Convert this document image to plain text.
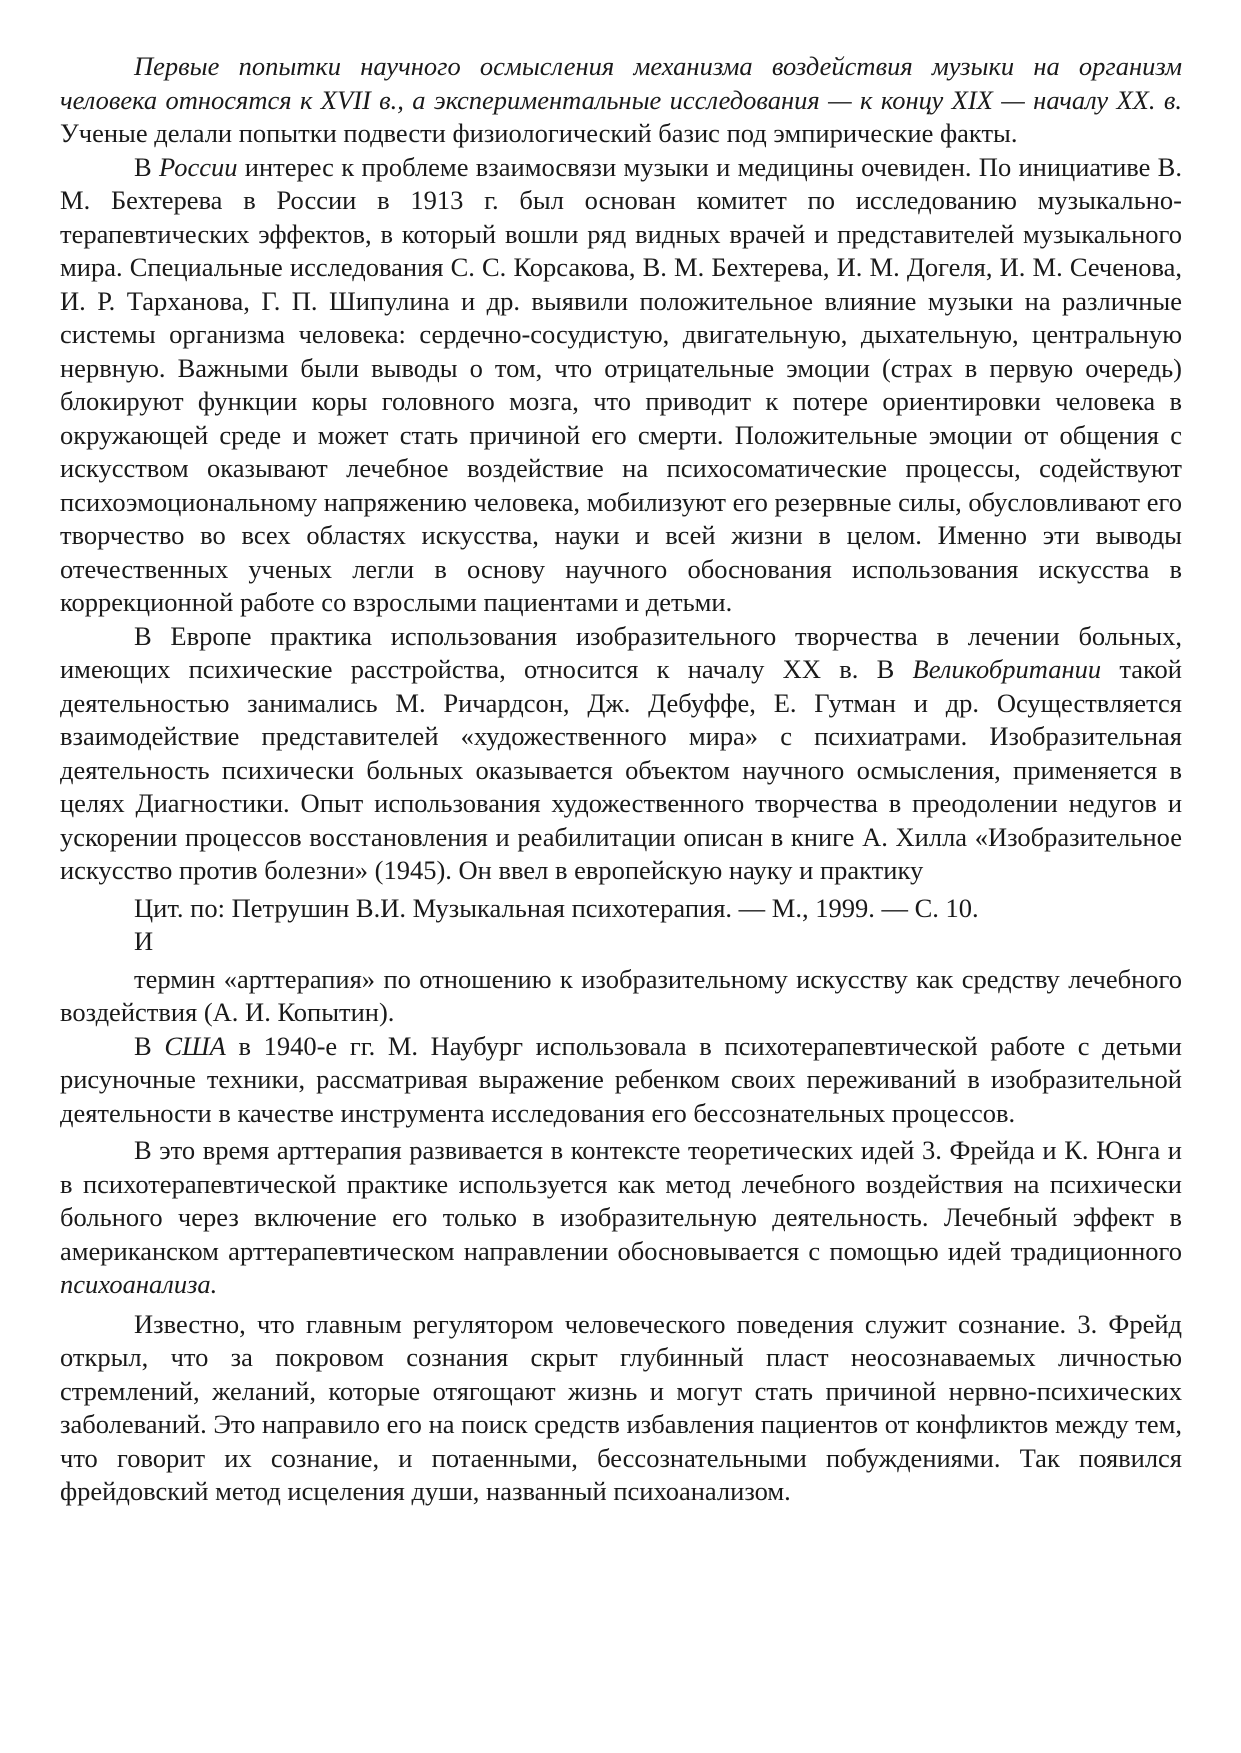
Первые попытки научного осмысления механизма воздействия музыки на организм человека относятся к XVII в., а экспериментальные исследования — к концу XIX — началу XX. в. Ученые делали попытки подвести физиологический базис под эмпирические факты.

В России интерес к проблеме взаимосвязи музыки и медицины очевиден. По инициативе В. М. Бехтерева в России в 1913 г. был основан комитет по исследованию музыкально-терапевтических эффектов, в который вошли ряд видных врачей и представителей музыкального мира. Специальные исследования С. С. Корсакова, В. М. Бехтерева, И. М. Догеля, И. М. Сеченова, И. Р. Тарханова, Г. П. Шипулина и др. выявили положительное влияние музыки на различные системы организма человека: сердечно-сосудистую, двигательную, дыхательную, центральную нервную. Важными были выводы о том, что отрицательные эмоции (страх в первую очередь) блокируют функции коры головного мозга, что приводит к потере ориентировки человека в окружающей среде и может стать причиной его смерти. Положительные эмоции от общения с искусством оказывают лечебное воздействие на психосоматические процессы, содействуют психоэмоциональному напряжению человека, мобилизуют его резервные силы, обусловливают его творчество во всех областях искусства, науки и всей жизни в целом. Именно эти выводы отечественных ученых легли в основу научного обоснования использования искусства в коррекционной работе со взрослыми пациентами и детьми.

В Европе практика использования изобразительного творчества в лечении больных, имеющих психические расстройства, относится к началу XX в. В Великобритании такой деятельностью занимались М. Ричардсон, Дж. Дебуффе, Е. Гутман и др. Осуществляется взаимодействие представителей «художественного мира» с психиатрами. Изобразительная деятельность психически больных оказывается объектом научного осмысления, применяется в целях Диагностики. Опыт использования художественного творчества в преодолении недугов и ускорении процессов восстановления и реабилитации описан в книге А. Хилла «Изобразительное искусство против болезни» (1945). Он ввел в европейскую науку и практику

Цит. по: Петрушин В.И. Музыкальная психотерапия. — М., 1999. — С. 10.

И

термин «арттерапия» по отношению к изобразительному искусству как средству лечебного воздействия (А. И. Копытин).

В США в 1940-е гг. М. Наубург использовала в психотерапевтической работе с детьми рисуночные техники, рассматривая выражение ребенком своих переживаний в изобразительной деятельности в качестве инструмента исследования его бессознательных процессов.

В это время арттерапия развивается в контексте теоретических идей 3. Фрейда и К. Юнга и в психотерапевтической практике используется как метод лечебного воздействия на психически больного через включение его только в изобразительную деятельность. Лечебный эффект в американском арттерапевтическом направлении обосновывается с помощью идей традиционного психоанализа.

Известно, что главным регулятором человеческого поведения служит сознание. 3. Фрейд открыл, что за покровом сознания скрыт глубинный пласт неосознаваемых личностью стремлений, желаний, которые отягощают жизнь и могут стать причиной нервно-психических заболеваний. Это направило его на поиск средств избавления пациентов от конфликтов между тем, что говорит их сознание, и потаенными, бессознательными побуждениями. Так появился фрейдовский метод исцеления души, названный психоанализом.
